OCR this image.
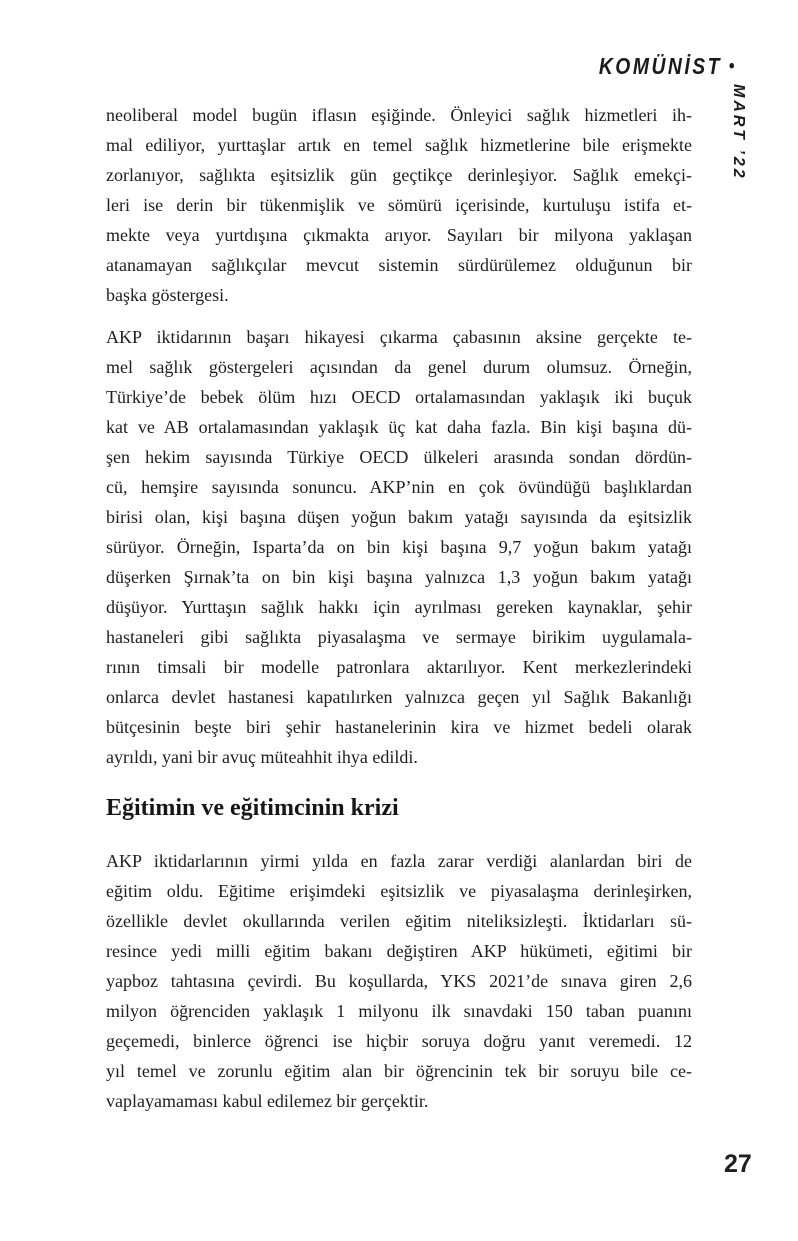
KOMÜNİST •
MART ’22
neoliberal model bugün iflasın eşiğinde. Önleyici sağlık hizmetleri ih-
mal ediliyor, yurttaşlar artık en temel sağlık hizmetlerine bile erişmekte
zorlanıyor, sağlıkta eşitsizlik gün geçtikçe derinleşiyor. Sağlık emekçi-
leri ise derin bir tükenmişlik ve sömürü içerisinde, kurtuluşu istifa et-
mekte veya yurtdışına çıkmakta arıyor. Sayıları bir milyona yaklaşan
atanamayan sağlıkçılar mevcut sistemin sürdürülemez olduğunun bir
başka göstergesi.
AKP iktidarının başarı hikayesi çıkarma çabasının aksine gerçekte te-
mel sağlık göstergeleri açısından da genel durum olumsuz. Örneğin,
Türkiye’de bebek ölüm hızı OECD ortalamasından yaklaşık iki buçuk
kat ve AB ortalamasından yaklaşık üç kat daha fazla. Bin kişi başına dü-
şen hekim sayısında Türkiye OECD ülkeleri arasında sondan dördün-
cü, hemşire sayısında sonuncu. AKP’nin en çok övündüğü başlıklardan
birisi olan, kişi başına düşen yoğun bakım yatağı sayısında da eşitsizlik
sürüyor. Örneğin, Isparta’da on bin kişi başına 9,7 yoğun bakım yatağı
düşerken Şırnak’ta on bin kişi başına yalnızca 1,3 yoğun bakım yatağı
düşüyor. Yurttaşın sağlık hakkı için ayrılması gereken kaynaklar, şehir
hastaneleri gibi sağlıkta piyasalaşma ve sermaye birikim uygulamala-
rının timsali bir modelle patronlara aktarılıyor. Kent merkezlerindeki
onlarca devlet hastanesi kapatılırken yalnızca geçen yıl Sağlık Bakanlığı
bütçesinin beşte biri şehir hastanelerinin kira ve hizmet bedeli olarak
ayrıldı, yani bir avuç müteahhit ihya edildi.
Eğitimin ve eğitimcinin krizi
AKP iktidarlarının yirmi yılda en fazla zarar verdiği alanlardan biri de
eğitim oldu. Eğitime erişimdeki eşitsizlik ve piyasalaşma derinleşirken,
özellikle devlet okullarında verilen eğitim niteliksizleşti. İktidarları sü-
resince yedi milli eğitim bakanı değiştiren AKP hükümeti, eğitimi bir
yapboz tahtasına çevirdi. Bu koşullarda, YKS 2021’de sınava giren 2,6
milyon öğrenciden yaklaşık 1 milyonu ilk sınavdaki 150 taban puanını
geçemedi, binlerce öğrenci ise hiçbir soruya doğru yanıt veremedi. 12
yıl temel ve zorunlu eğitim alan bir öğrencinin tek bir soruyu bile ce-
vaplayamaması kabul edilemez bir gerçektir.
27
